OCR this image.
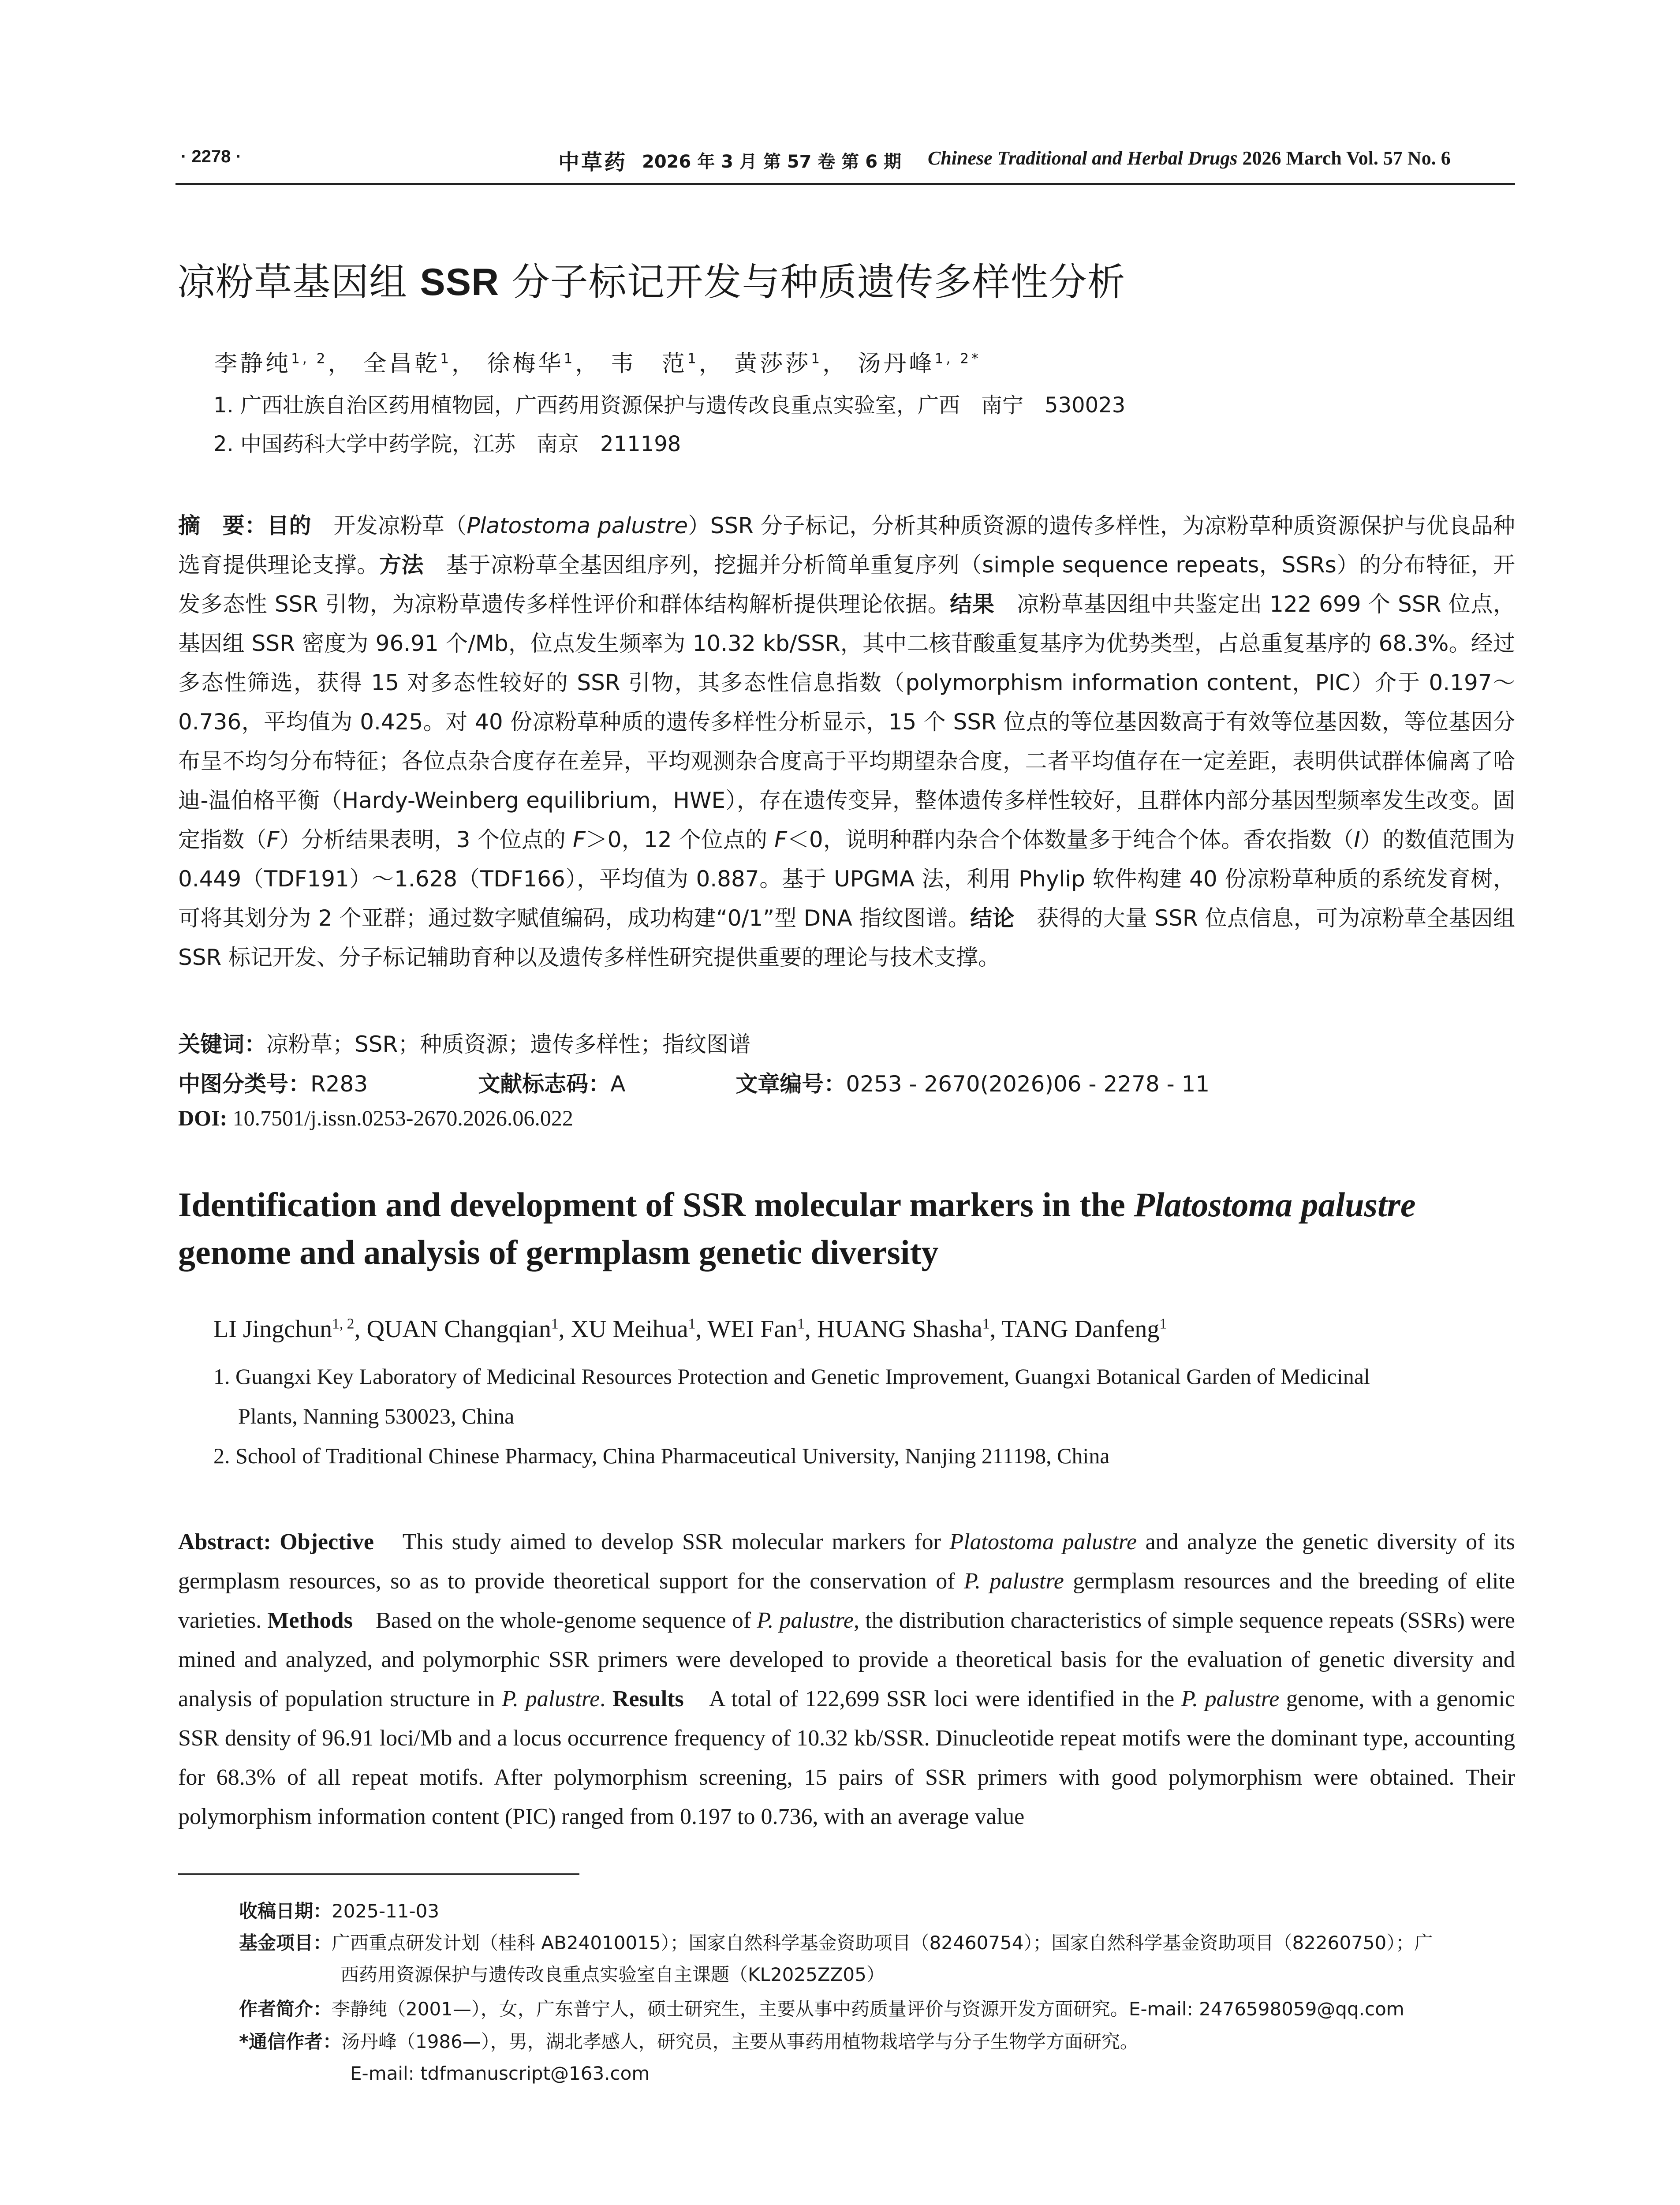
· 2278 ·	中草药 2026 年 3 月 第 57 卷 第 6 期 Chinese Traditional and Herbal Drugs 2026 March Vol. 57 No. 6
凉粉草基因组 SSR 分子标记开发与种质遗传多样性分析
李静纯$^{1, 2}$， 全昌乾$^1$， 徐梅华$^1$， 韦　范$^1$， 黄莎莎$^1$， 汤丹峰$^{1, 2*}$
1. 广西壮族自治区药用植物园，广西药用资源保护与遗传改良重点实验室，广西　南宁　530023
2. 中国药科大学中药学院，江苏　南京　211198
摘　要：目的　开发凉粉草（Platostoma palustre）SSR 分子标记，分析其种质资源的遗传多样性，为凉粉草种质资源保护与优良品种选育提供理论支撑。方法　基于凉粉草全基因组序列，挖掘并分析简单重复序列（simple sequence repeats，SSRs）的分布特征，开发多态性 SSR 引物，为凉粉草遗传多样性评价和群体结构解析提供理论依据。结果　凉粉草基因组中共鉴定出 122 699 个 SSR 位点，基因组 SSR 密度为 96.91 个/Mb，位点发生频率为 10.32 kb/SSR，其中二核苷酸重复基序为优势类型，占总重复基序的 68.3%。经过多态性筛选，获得 15 对多态性较好的 SSR 引物，其多态性信息指数（polymorphism information content，PIC）介于 0.197～0.736，平均值为 0.425。对 40 份凉粉草种质的遗传多样性分析显示，15 个 SSR 位点的等位基因数高于有效等位基因数，等位基因分布呈不均匀分布特征；各位点杂合度存在差异，平均观测杂合度高于平均期望杂合度，二者平均值存在一定差距，表明供试群体偏离了哈迪-温伯格平衡（Hardy-Weinberg equilibrium，HWE），存在遗传变异，整体遗传多样性较好，且群体内部分基因型频率发生改变。固定指数（F）分析结果表明，3 个位点的 F＞0，12 个位点的 F＜0，说明种群内杂合个体数量多于纯合个体。香农指数（I）的数值范围为 0.449（TDF191）～1.628（TDF166），平均值为 0.887。基于 UPGMA 法，利用 Phylip 软件构建 40 份凉粉草种质的系统发育树，可将其划分为 2 个亚群；通过数字赋值编码，成功构建“0/1”型 DNA 指纹图谱。结论　获得的大量 SSR 位点信息，可为凉粉草全基因组 SSR 标记开发、分子标记辅助育种以及遗传多样性研究提供重要的理论与技术支撑。
关键词：凉粉草；SSR；种质资源；遗传多样性；指纹图谱
中图分类号：R283	文献标志码：A	文章编号：0253 - 2670(2026)06 - 2278 - 11
DOI: 10.7501/j.issn.0253-2670.2026.06.022
Identification and development of SSR molecular markers in the Platostoma palustre genome and analysis of germplasm genetic diversity
LI Jingchun$^{1, 2}$, QUAN Changqian$^1$, XU Meihua$^1$, WEI Fan$^1$, HUANG Shasha$^1$, TANG Danfeng$^1$
1. Guangxi Key Laboratory of Medicinal Resources Protection and Genetic Improvement, Guangxi Botanical Garden of Medicinal
Plants, Nanning 530023, China
2. School of Traditional Chinese Pharmacy, China Pharmaceutical University, Nanjing 211198, China
Abstract: Objective　This study aimed to develop SSR molecular markers for Platostoma palustre and analyze the genetic diversity of its germplasm resources, so as to provide theoretical support for the conservation of P. palustre germplasm resources and the breeding of elite varieties. Methods　Based on the whole-genome sequence of P. palustre, the distribution characteristics of simple sequence repeats (SSRs) were mined and analyzed, and polymorphic SSR primers were developed to provide a theoretical basis for the evaluation of genetic diversity and analysis of population structure in P. palustre. Results　A total of 122,699 SSR loci were identified in the P. palustre genome, with a genomic SSR density of 96.91 loci/Mb and a locus occurrence frequency of 10.32 kb/SSR. Dinucleotide repeat motifs were the dominant type, accounting for 68.3% of all repeat motifs. After polymorphism screening, 15 pairs of SSR primers with good polymorphism were obtained. Their polymorphism information content (PIC) ranged from 0.197 to 0.736, with an average value
收稿日期：2025-11-03
基金项目：广西重点研发计划（桂科 AB24010015）；国家自然科学基金资助项目（82460754）；国家自然科学基金资助项目（82260750）；广
西药用资源保护与遗传改良重点实验室自主课题（KL2025ZZ05）
作者简介：李静纯（2001—），女，广东普宁人，硕士研究生，主要从事中药质量评价与资源开发方面研究。E-mail: 2476598059@qq.com
*通信作者：汤丹峰（1986—），男，湖北孝感人，研究员，主要从事药用植物栽培学与分子生物学方面研究。
E-mail: tdfmanuscript@163.com
